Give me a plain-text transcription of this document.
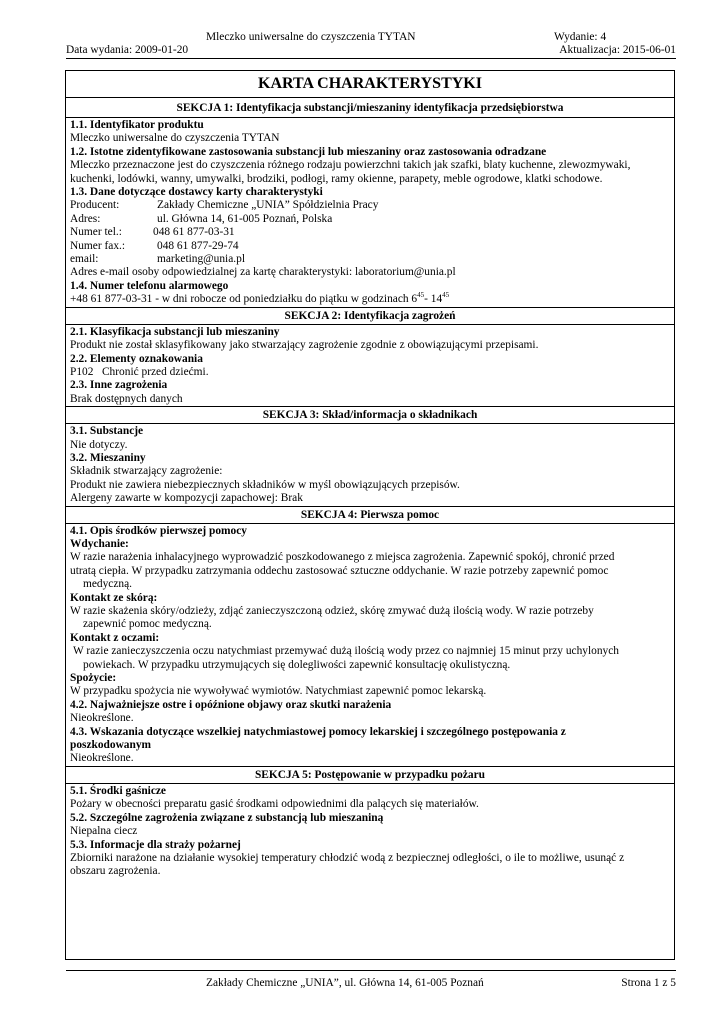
Mleczko uniwersalne do czyszczenia TYTAN
Data wydania: 2009-01-20
Wydanie: 4
Aktualizacja: 2015-06-01
KARTA CHARAKTERYSTYKI
SEKCJA 1: Identyfikacja substancji/mieszaniny identyfikacja przedsiębiorstwa
1.1. Identyfikator produktu
Mleczko uniwersalne do czyszczenia TYTAN
1.2. Istotne zidentyfikowane zastosowania substancji lub mieszaniny oraz zastosowania odradzane
Mleczko przeznaczone jest do czyszczenia różnego rodzaju powierzchni takich jak szafki, blaty kuchenne, zlewozmywaki,
kuchenki, lodówki, wanny, umywalki, brodziki, podłogi, ramy okienne, parapety, meble ogrodowe, klatki schodowe.
1.3. Dane dotyczące dostawcy karty charakterystyki
Producent:	Zakłady Chemiczne „UNIA” Spółdzielnia Pracy
Adres:	ul. Główna 14, 61-005 Poznań, Polska
Numer tel.:	048 61 877-03-31
Numer fax.:	048 61 877-29-74
email:	marketing@unia.pl
Adres e-mail osoby odpowiedzialnej za kartę charakterystyki: laboratorium@unia.pl
1.4. Numer telefonu alarmowego
+48 61 877-03-31 - w dni robocze od poniedziałku do piątku w godzinach $6^{45}-$ $14^{45}$
SEKCJA 2: Identyfikacja zagrożeń
2.1. Klasyfikacja substancji lub mieszaniny
Produkt nie został sklasyfikowany jako stwarzający zagrożenie zgodnie z obowiązującymi przepisami.
2.2. Elementy oznakowania
P102   Chronić przed dziećmi.
2.3. Inne zagrożenia
Brak dostępnych danych
SEKCJA 3: Skład/informacja o składnikach
3.1. Substancje
Nie dotyczy.
3.2. Mieszaniny
Składnik stwarzający zagrożenie:
Produkt nie zawiera niebezpiecznych składników w myśl obowiązujących przepisów.
Alergeny zawarte w kompozycji zapachowej: Brak
SEKCJA 4: Pierwsza pomoc
4.1. Opis środków pierwszej pomocy
Wdychanie:
W razie narażenia inhalacyjnego wyprowadzić poszkodowanego z miejsca zagrożenia. Zapewnić spokój, chronić przed
utratą ciepła. W przypadku zatrzymania oddechu zastosować sztuczne oddychanie. W razie potrzeby zapewnić pomoc
medyczną.
Kontakt ze skórą:
W razie skażenia skóry/odzieży, zdjąć zanieczyszczoną odzież, skórę zmywać dużą ilością wody. W razie potrzeby
zapewnić pomoc medyczną.
Kontakt z oczami:
W razie zanieczyszczenia oczu natychmiast przemywać dużą ilością wody przez co najmniej 15 minut przy uchylonych
powiekach. W przypadku utrzymujących się dolegliwości zapewnić konsultację okulistyczną.
Spożycie:
W przypadku spożycia nie wywoływać wymiotów. Natychmiast zapewnić pomoc lekarską.
4.2. Najważniejsze ostre i opóźnione objawy oraz skutki narażenia
Nieokreślone.
4.3. Wskazania dotyczące wszelkiej natychmiastowej pomocy lekarskiej i szczególnego postępowania z
poszkodowanym
Nieokreślone.
SEKCJA 5: Postępowanie w przypadku pożaru
5.1. Środki gaśnicze
Pożary w obecności preparatu gasić środkami odpowiednimi dla palących się materiałów.
5.2. Szczególne zagrożenia związane z substancją lub mieszaniną
Niepalna ciecz
5.3. Informacje dla straży pożarnej
Zbiorniki narażone na działanie wysokiej temperatury chłodzić wodą z bezpiecznej odległości, o ile to możliwe, usunąć z
obszaru zagrożenia.
Zakłady Chemiczne „UNIA”, ul. Główna 14, 61-005 Poznań	Strona 1 z 5
